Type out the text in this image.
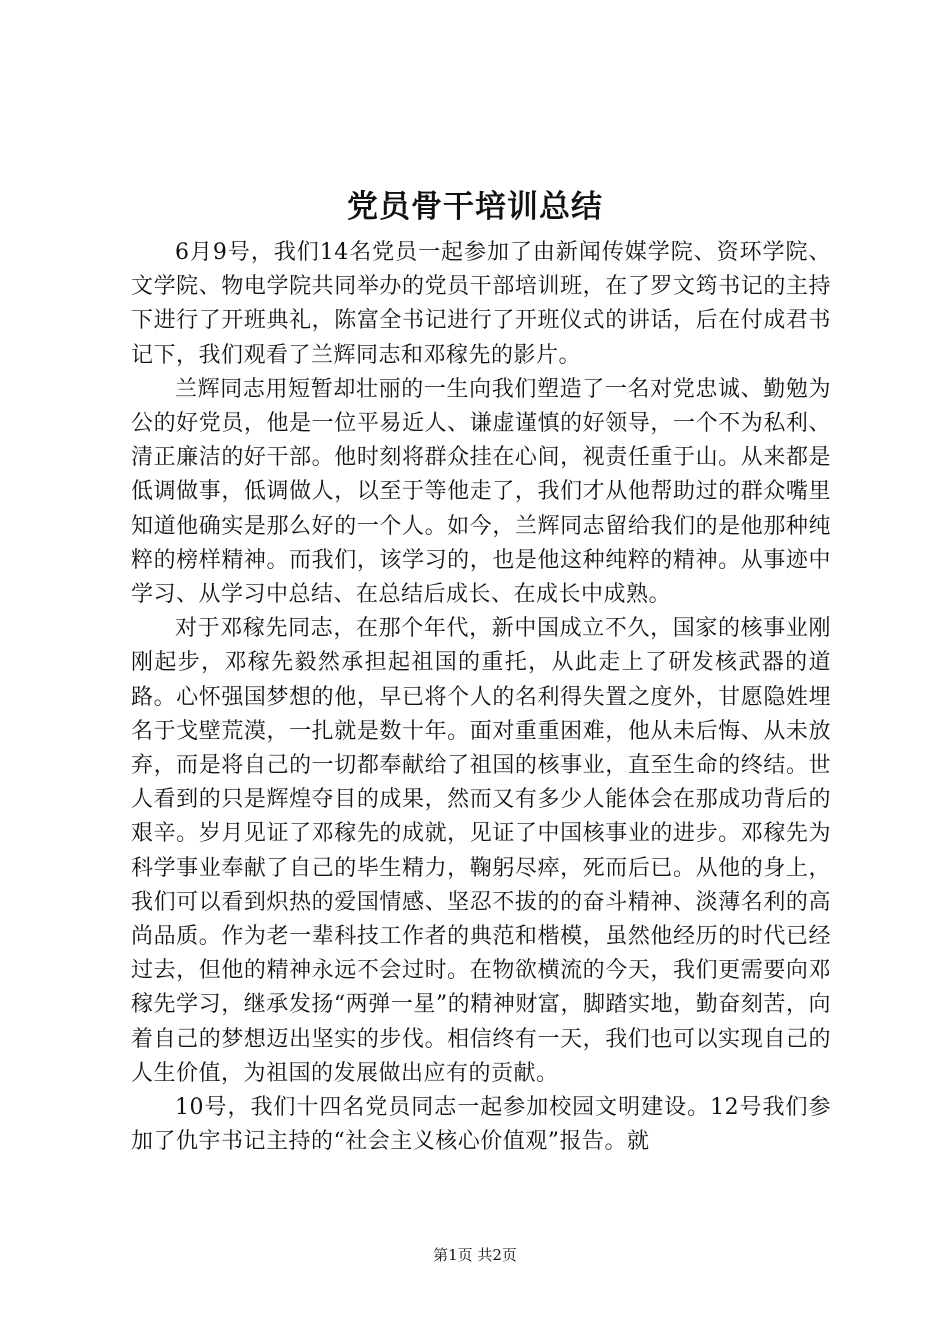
党员骨干培训总结

6月9号，我们14名党员一起参加了由新闻传媒学院、资环学院、文学院、物电学院共同举办的党员干部培训班，在了罗文筠书记的主持下进行了开班典礼，陈富全书记进行了开班仪式的讲话，后在付成君书记下，我们观看了兰辉同志和邓稼先的影片。

兰辉同志用短暂却壮丽的一生向我们塑造了一名对党忠诚、勤勉为公的好党员，他是一位平易近人、谦虚谨慎的好领导，一个不为私利、清正廉洁的好干部。他时刻将群众挂在心间，视责任重于山。从来都是低调做事，低调做人，以至于等他走了，我们才从他帮助过的群众嘴里知道他确实是那么好的一个人。如今，兰辉同志留给我们的是他那种纯粹的榜样精神。而我们，该学习的，也是他这种纯粹的精神。从事迹中学习、从学习中总结、在总结后成长、在成长中成熟。

对于邓稼先同志，在那个年代，新中国成立不久，国家的核事业刚刚起步，邓稼先毅然承担起祖国的重托，从此走上了研发核武器的道路。心怀强国梦想的他，早已将个人的名利得失置之度外，甘愿隐姓埋名于戈壁荒漠，一扎就是数十年。面对重重困难，他从未后悔、从未放弃，而是将自己的一切都奉献给了祖国的核事业，直至生命的终结。世人看到的只是辉煌夺目的成果，然而又有多少人能体会在那成功背后的艰辛。岁月见证了邓稼先的成就，见证了中国核事业的进步。邓稼先为科学事业奉献了自己的毕生精力，鞠躬尽瘁，死而后已。从他的身上，我们可以看到炽热的爱国情感、坚忍不拔的的奋斗精神、淡薄名利的高尚品质。作为老一辈科技工作者的典范和楷模，虽然他经历的时代已经过去，但他的精神永远不会过时。在物欲横流的今天，我们更需要向邓稼先学习，继承发扬“两弹一星”的精神财富，脚踏实地，勤奋刻苦，向着自己的梦想迈出坚实的步伐。相信终有一天，我们也可以实现自己的人生价值，为祖国的发展做出应有的贡献。

10号，我们十四名党员同志一起参加校园文明建设。12号我们参加了仇宇书记主持的“社会主义核心价值观”报告。就

第1页 共2页
